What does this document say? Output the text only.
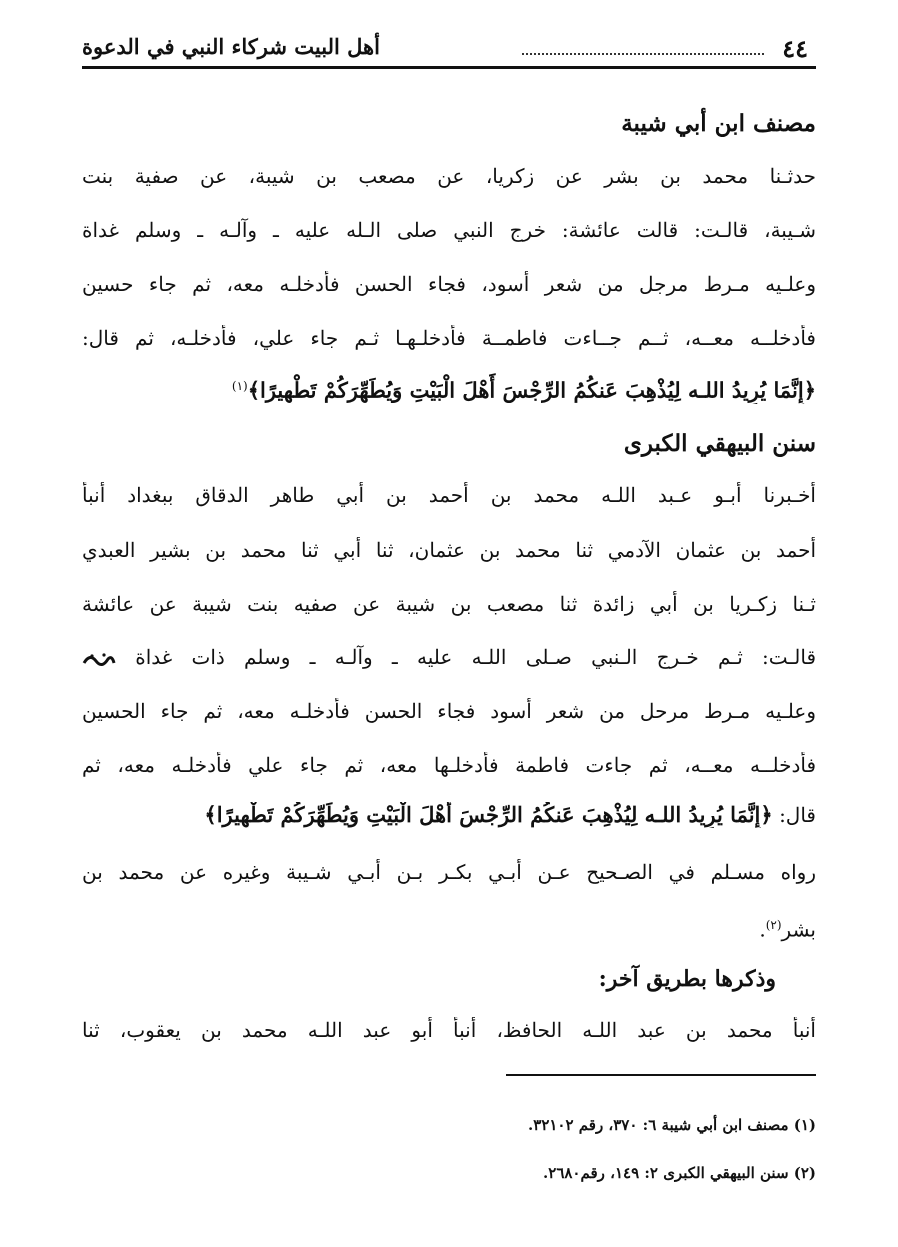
٤٤
أهل البيت شركاء النبي في الدعوة
مصنف ابن أبي شيبة
حدثـنا محمد بن بشر عن زكريا، عن مصعب بن شيبة، عن صفية بنت
شـيبة، قالـت: قالت عائشة: خرج النبي صلى الـله عليه ـ وآلـه ـ وسلم غداة
وعلـيه مـرط مرجل من شعر أسود، فجاء الحسن فأدخلـه معه، ثم جاء حسين
فأدخلــه معــه، ثــم جــاءت فاطمــة فأدخلـهـا ثـم جاء علي، فأدخلـه، ثم قال:
﴿إِنَّمَا يُرِيدُ اللـه لِيُذْهِبَ عَنكُمُ الرِّجْسَ أَهْلَ الْبَيْتِ وَيُطَهِّرَكُمْ تَطْهِيرًا﴾$^{(١)}$
سنن البيهقي الكبرى
أخـبرنا أبـو عـبد اللـه محمد بن أحمد بن أبي طاهر الدقاق ببغداد أنبأ
أحمد بن عثمان الآدمي ثنا محمد بن عثمان، ثنا أبي ثنا محمد بن بشير العبدي
ثـنا زكـريا بن أبي زائدة ثنا مصعب بن شيبة عن صفيه بنت شيبة عن عائشة
قالـت: ثـم خـرج الـنبي صـلى اللـه عليه ـ وآلـه ـ وسلم ذات غداة
وعلـيه مـرط مرحل من شعر أسود فجاء الحسن فأدخلـه معه، ثم جاء الحسين
فأدخلــه معــه، ثم جاءت فاطمة فأدخلـها معه، ثم جاء علي فأدخلـه معه، ثم
قال: ﴿إِنَّمَا يُرِيدُ اللـه لِيُذْهِبَ عَنكُمُ الرِّجْسَ أَهْلَ الْبَيْتِ وَيُطَهِّرَكُمْ تَطْهِيرًا﴾
رواه مسـلم في الصـحيح عـن أبـي بكـر بـن أبـي شـيبة وغيره عن محمد بن
بشر$^{(٢)}$.
وذكرها بطريق آخر:
أنبأ محمد بن عبد اللـه الحافظ، أنبأ أبو عبد اللـه محمد بن يعقوب، ثنا
(١) مصنف ابن أبي شيبة ٦: ٣٧٠، رقم ٣٢١٠٢.
(٢) سنن البيهقي الكبرى ٢: ١٤٩، رقم٢٦٨٠.
